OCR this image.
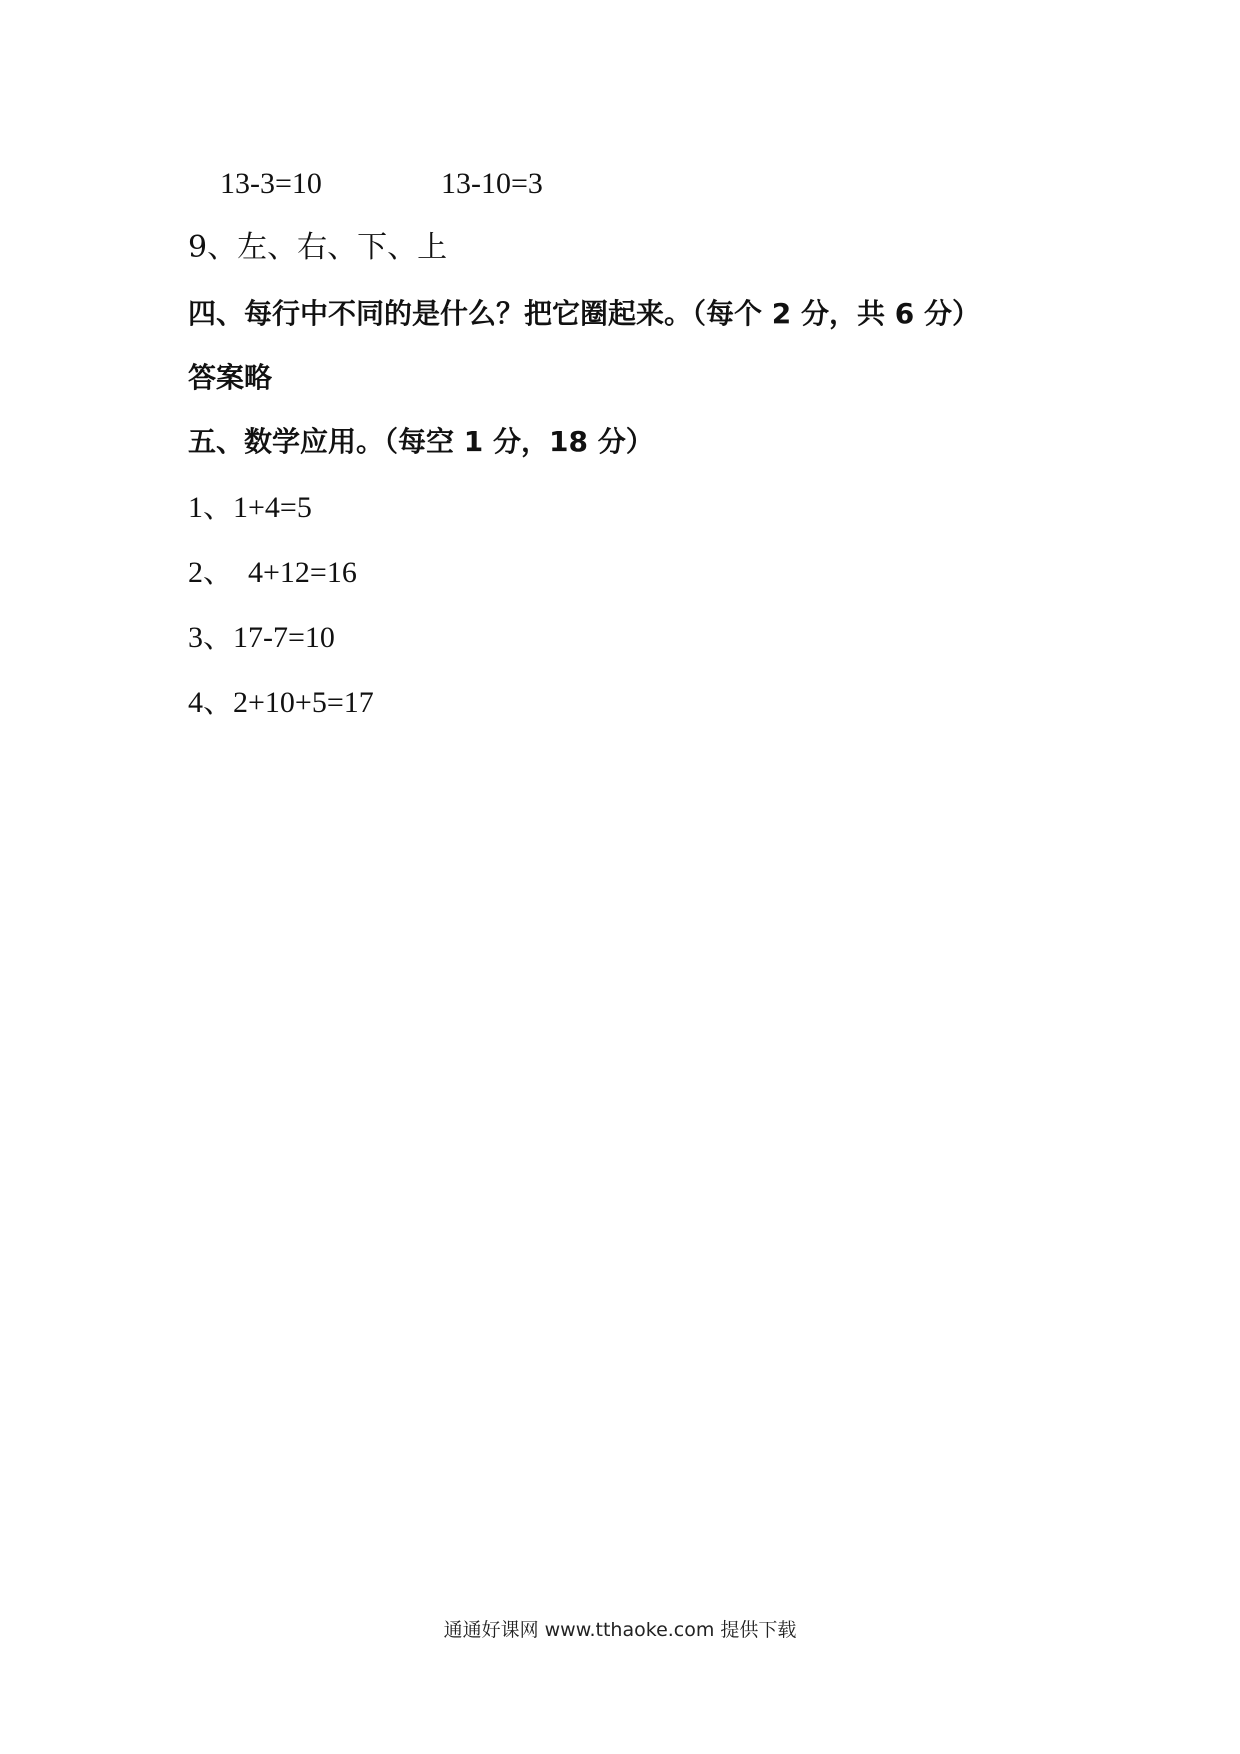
13-3=10	13-10=3
9、左、右、下、上
四、每行中不同的是什么？把它圈起来。（每个 2 分，共 6 分）
答案略
五、数学应用。（每空 1 分，18 分）
1、1+4=5
2、  4+12=16
3、17-7=10
4、2+10+5=17
通通好课网 www.tthaoke.com 提供下载
